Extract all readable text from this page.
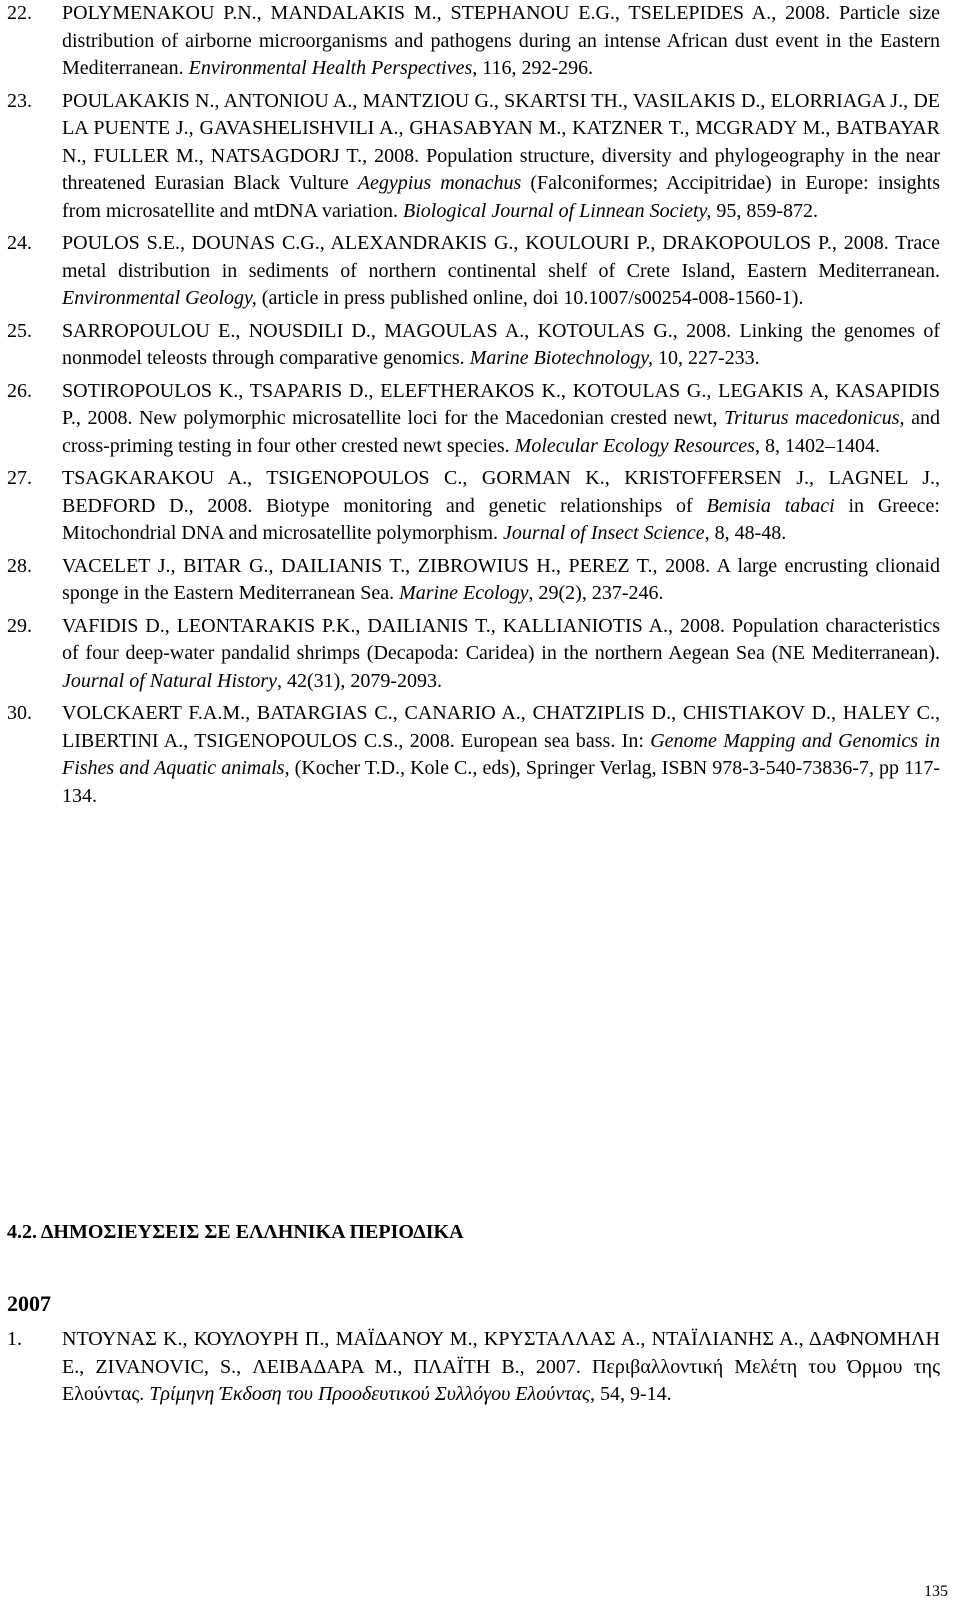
22.	POLYMENAKOU P.N., MANDALAKIS M., STEPHANOU E.G., TSELEPIDES A., 2008. Particle size distribution of airborne microorganisms and pathogens during an intense African dust event in the Eastern Mediterranean. Environmental Health Perspectives, 116, 292-296.
23.	POULAKAKIS N., ANTONIOU A., MANTZIOU G., SKARTSI TH., VASILAKIS D., ELORRIAGA J., DE LA PUENTE J., GAVASHELISHVILI A., GHASABYAN M., KATZNER T., MCGRADY M., BATBAYAR N., FULLER M., NATSAGDORJ T., 2008. Population structure, diversity and phylogeography in the near threatened Eurasian Black Vulture Aegypius monachus (Falconiformes; Accipitridae) in Europe: insights from microsatellite and mtDNA variation. Biological Journal of Linnean Society, 95, 859-872.
24.	POULOS S.E., DOUNAS C.G., ALEXANDRAKIS G., KOULOURI P., DRAKOPOULOS P., 2008. Trace metal distribution in sediments of northern continental shelf of Crete Island, Eastern Mediterranean. Environmental Geology, (article in press published online, doi 10.1007/s00254-008-1560-1).
25.	SARROPOULOU E., NOUSDILI D., MAGOULAS A., KOTOULAS G., 2008. Linking the genomes of nonmodel teleosts through comparative genomics. Marine Biotechnology, 10, 227-233.
26.	SOTIROPOULOS K., TSAPARIS D., ELEFTHERAKOS K., KOTOULAS G., LEGAKIS A, KASAPIDIS P., 2008. New polymorphic microsatellite loci for the Macedonian crested newt, Triturus macedonicus, and cross-priming testing in four other crested newt species. Molecular Ecology Resources, 8, 1402–1404.
27.	TSAGKARAKOU A., TSIGENOPOULOS C., GORMAN K., KRISTOFFERSEN J., LAGNEL J., BEDFORD D., 2008. Biotype monitoring and genetic relationships of Bemisia tabaci in Greece: Mitochondrial DNA and microsatellite polymorphism. Journal of Insect Science, 8, 48-48.
28.	VACELET J., BITAR G., DAILIANIS T., ZIBROWIUS H., PEREZ T., 2008. A large encrusting clionaid sponge in the Eastern Mediterranean Sea. Marine Ecology, 29(2), 237-246.
29.	VAFIDIS D., LEONTARAKIS P.K., DAILIANIS T., KALLIANIOTIS A., 2008. Population characteristics of four deep-water pandalid shrimps (Decapoda: Caridea) in the northern Aegean Sea (NE Mediterranean). Journal of Natural History, 42(31), 2079-2093.
30.	VOLCKAERT F.A.M., BATARGIAS C., CANARIO A., CHATZIPLIS D., CHISTIAKOV D., HALEY C., LIBERTINI A., TSIGENOPOULOS C.S., 2008. European sea bass. In: Genome Mapping and Genomics in Fishes and Aquatic animals, (Kocher T.D., Kole C., eds), Springer Verlag, ISBN 978-3-540-73836-7, pp 117-134.
4.2. ΔΗΜΟΣΙΕΥΣΕΙΣ ΣΕ ΕΛΛΗΝΙΚΑ ΠΕΡΙΟΔΙΚΑ
2007
1.	ΝΤΟΥΝΑΣ Κ., ΚΟΥΛΟΥΡΗ Π., ΜΑΪΔΑΝΟΥ Μ., ΚΡΥΣΤΑΛΛΑΣ Α., ΝΤΑΪΛΙΑΝΗΣ Α., ΔΑΦΝΟΜΗΛΗ Ε., ZIVANOVIC, S., ΛΕΙΒΑΔΑΡΑ Μ., ΠΛΑΪΤΗ Β., 2007. Περιβαλλοντική Μελέτη του Όρμου της Ελούντας. Τρίμηνη Έκδοση του Προοδευτικού Συλλόγου Ελούντας, 54, 9-14.
135
